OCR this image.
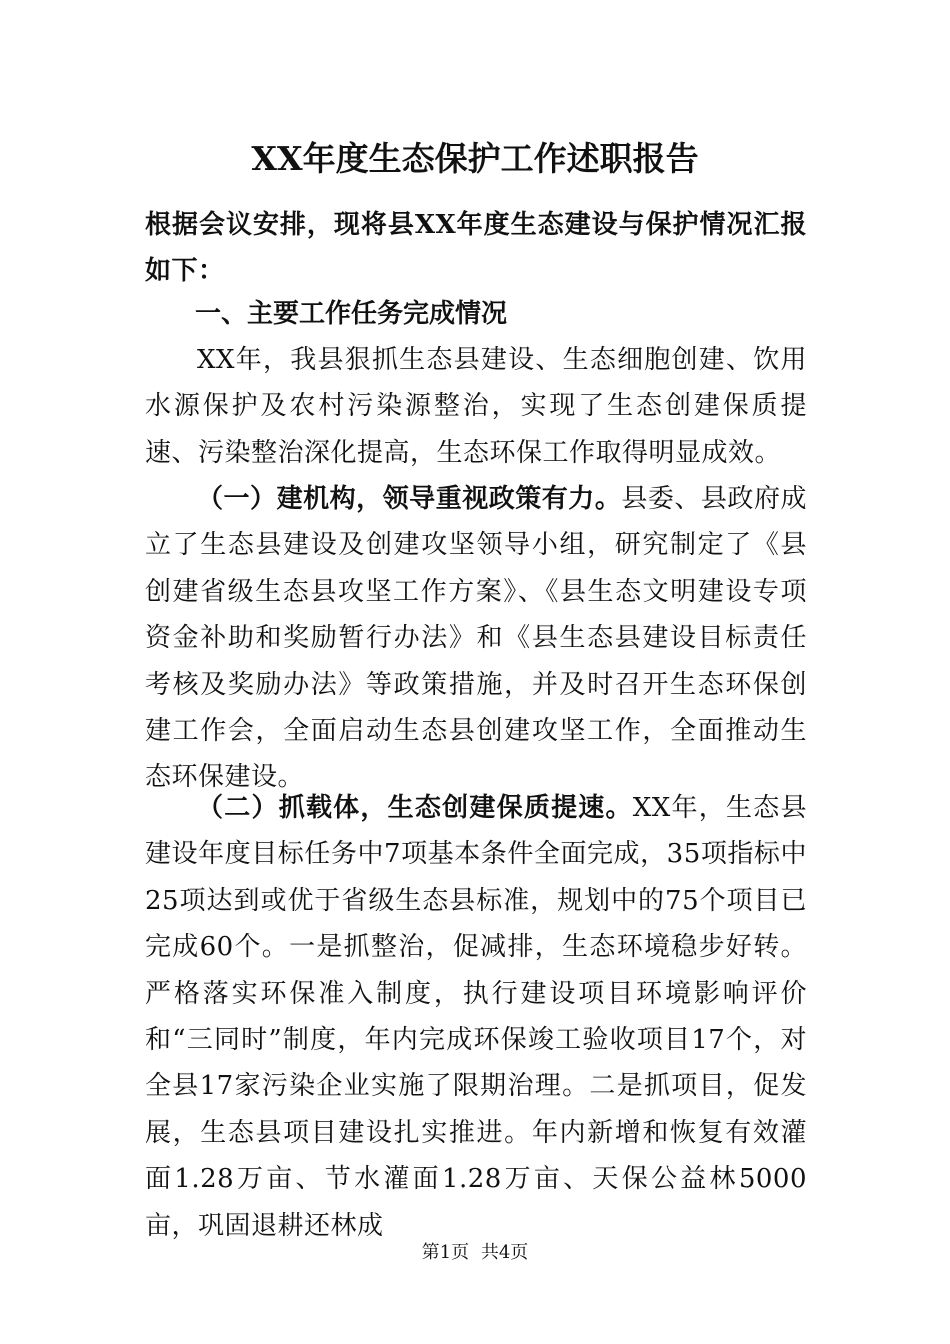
XX年度生态保护工作述职报告

根据会议安排，现将县XX年度生态建设与保护情况汇报如下：

一、主要工作任务完成情况

XX年，我县狠抓生态县建设、生态细胞创建、饮用水源保护及农村污染源整治，实现了生态创建保质提速、污染整治深化提高，生态环保工作取得明显成效。

（一）建机构，领导重视政策有力。县委、县政府成立了生态县建设及创建攻坚领导小组，研究制定了《县创建省级生态县攻坚工作方案》、《县生态文明建设专项资金补助和奖励暂行办法》和《县生态县建设目标责任考核及奖励办法》等政策措施，并及时召开生态环保创建工作会，全面启动生态县创建攻坚工作，全面推动生态环保建设。

（二）抓载体，生态创建保质提速。XX年，生态县建设年度目标任务中7项基本条件全面完成，35项指标中25项达到或优于省级生态县标准，规划中的75个项目已完成60个。一是抓整治，促减排，生态环境稳步好转。严格落实环保准入制度，执行建设项目环境影响评价和“三同时”制度，年内完成环保竣工验收项目17个，对全县17家污染企业实施了限期治理。二是抓项目，促发展，生态县项目建设扎实推进。年内新增和恢复有效灌面1.28万亩、节水灌面1.28万亩、天保公益林5000亩，巩固退耕还林成

第1页 共4页
